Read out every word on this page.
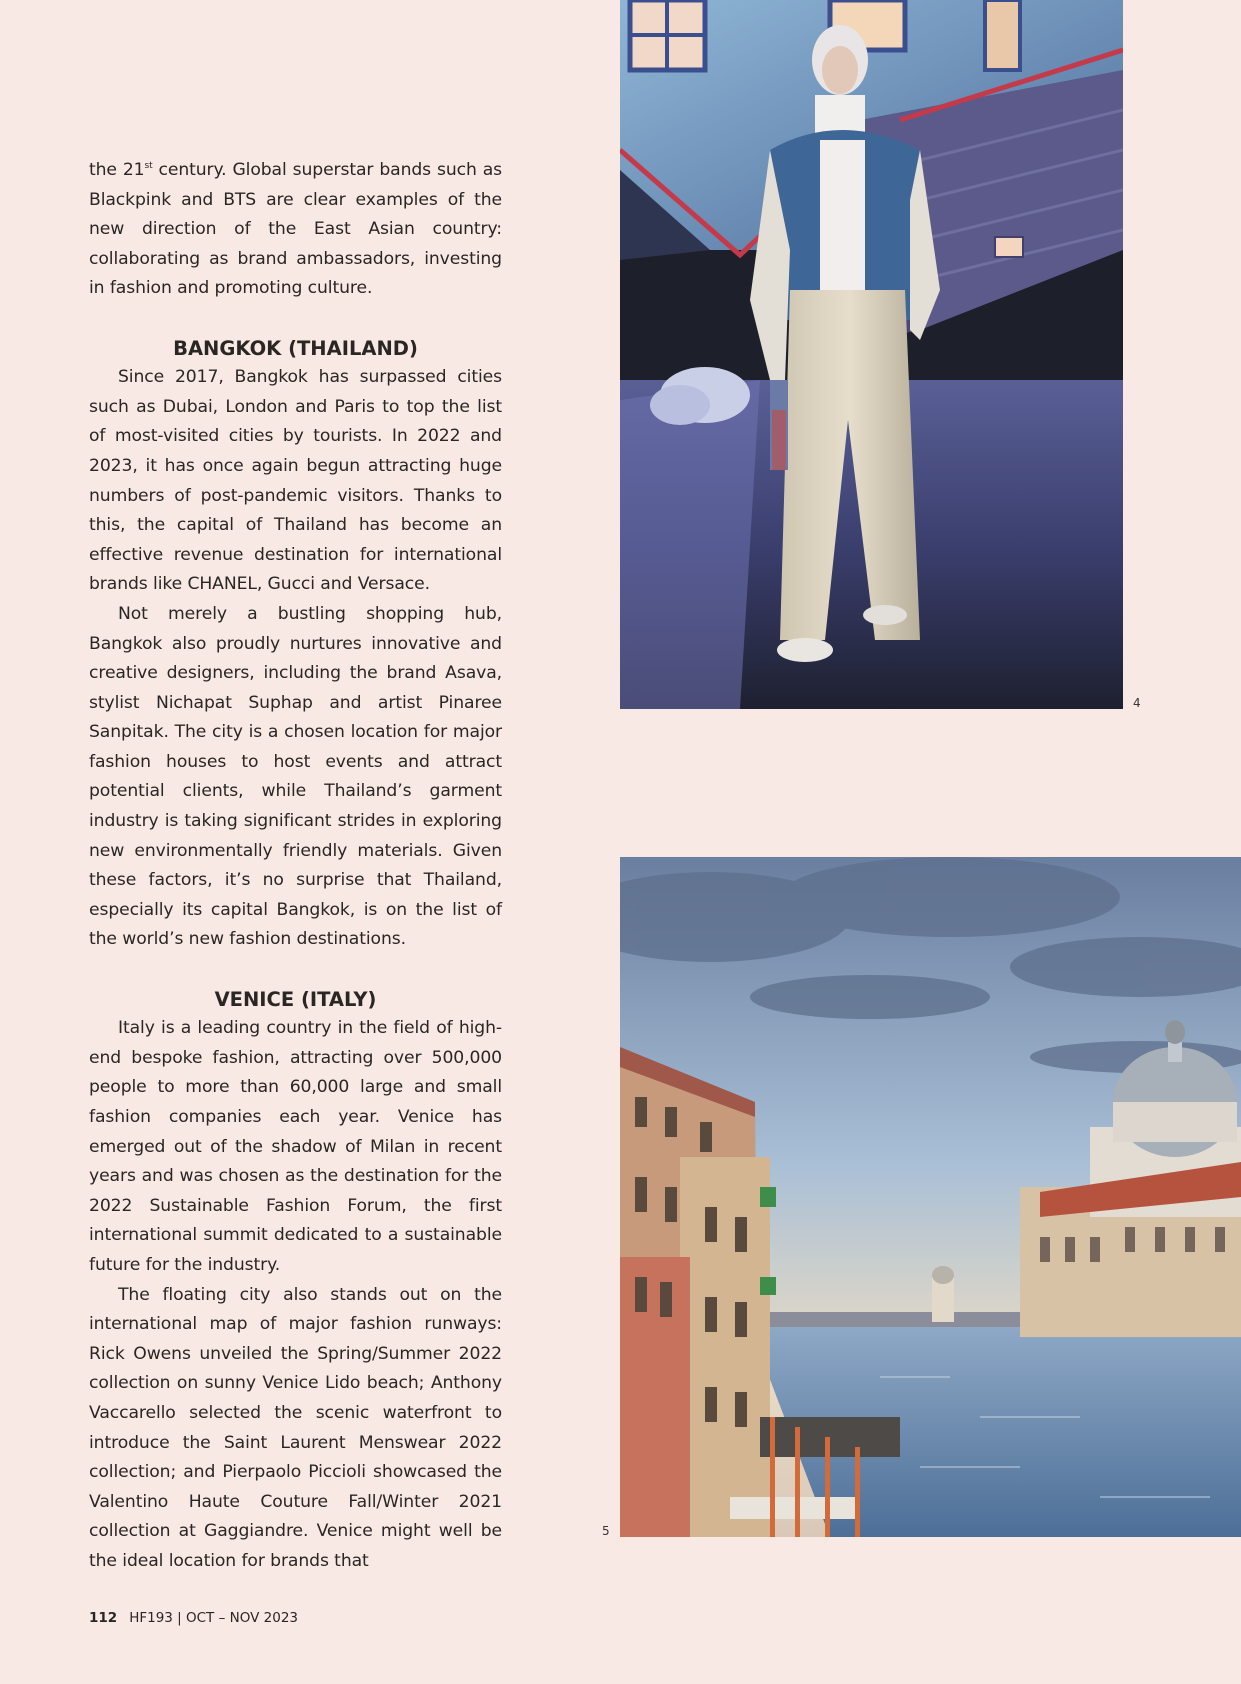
the 21st century. Global superstar bands such as Blackpink and BTS are clear examples of the new direction of the East Asian country: collaborating as brand ambassadors, investing in fashion and promoting culture.

BANGKOK (THAILAND)

Since 2017, Bangkok has surpassed cities such as Dubai, London and Paris to top the list of most-visited cities by tourists. In 2022 and 2023, it has once again begun attracting huge numbers of post-pandemic visitors. Thanks to this, the capital of Thailand has become an effective revenue destination for international brands like CHANEL, Gucci and Versace.

Not merely a bustling shopping hub, Bangkok also proudly nurtures innovative and creative designers, including the brand Asava, stylist Nichapat Suphap and artist Pinaree Sanpitak. The city is a chosen location for major fashion houses to host events and attract potential clients, while Thailand’s garment industry is taking significant strides in exploring new environmentally friendly materials. Given these factors, it’s no surprise that Thailand, especially its capital Bangkok, is on the list of the world’s new fashion destinations.

VENICE (ITALY)

Italy is a leading country in the field of high-end bespoke fashion, attracting over 500,000 people to more than 60,000 large and small fashion companies each year. Venice has emerged out of the shadow of Milan in recent years and was chosen as the destination for the 2022 Sustainable Fashion Forum, the first international summit dedicated to a sustainable future for the industry.

The floating city also stands out on the international map of major fashion runways: Rick Owens unveiled the Spring/Summer 2022 collection on sunny Venice Lido beach; Anthony Vaccarello selected the scenic waterfront to introduce the Saint Laurent Menswear 2022 collection; and Pierpaolo Piccioli showcased the Valentino Haute Couture Fall/Winter 2021 collection at Gaggiandre. Venice might well be the ideal location for brands that

4
5
112 HF193 | OCT – NOV 2023
